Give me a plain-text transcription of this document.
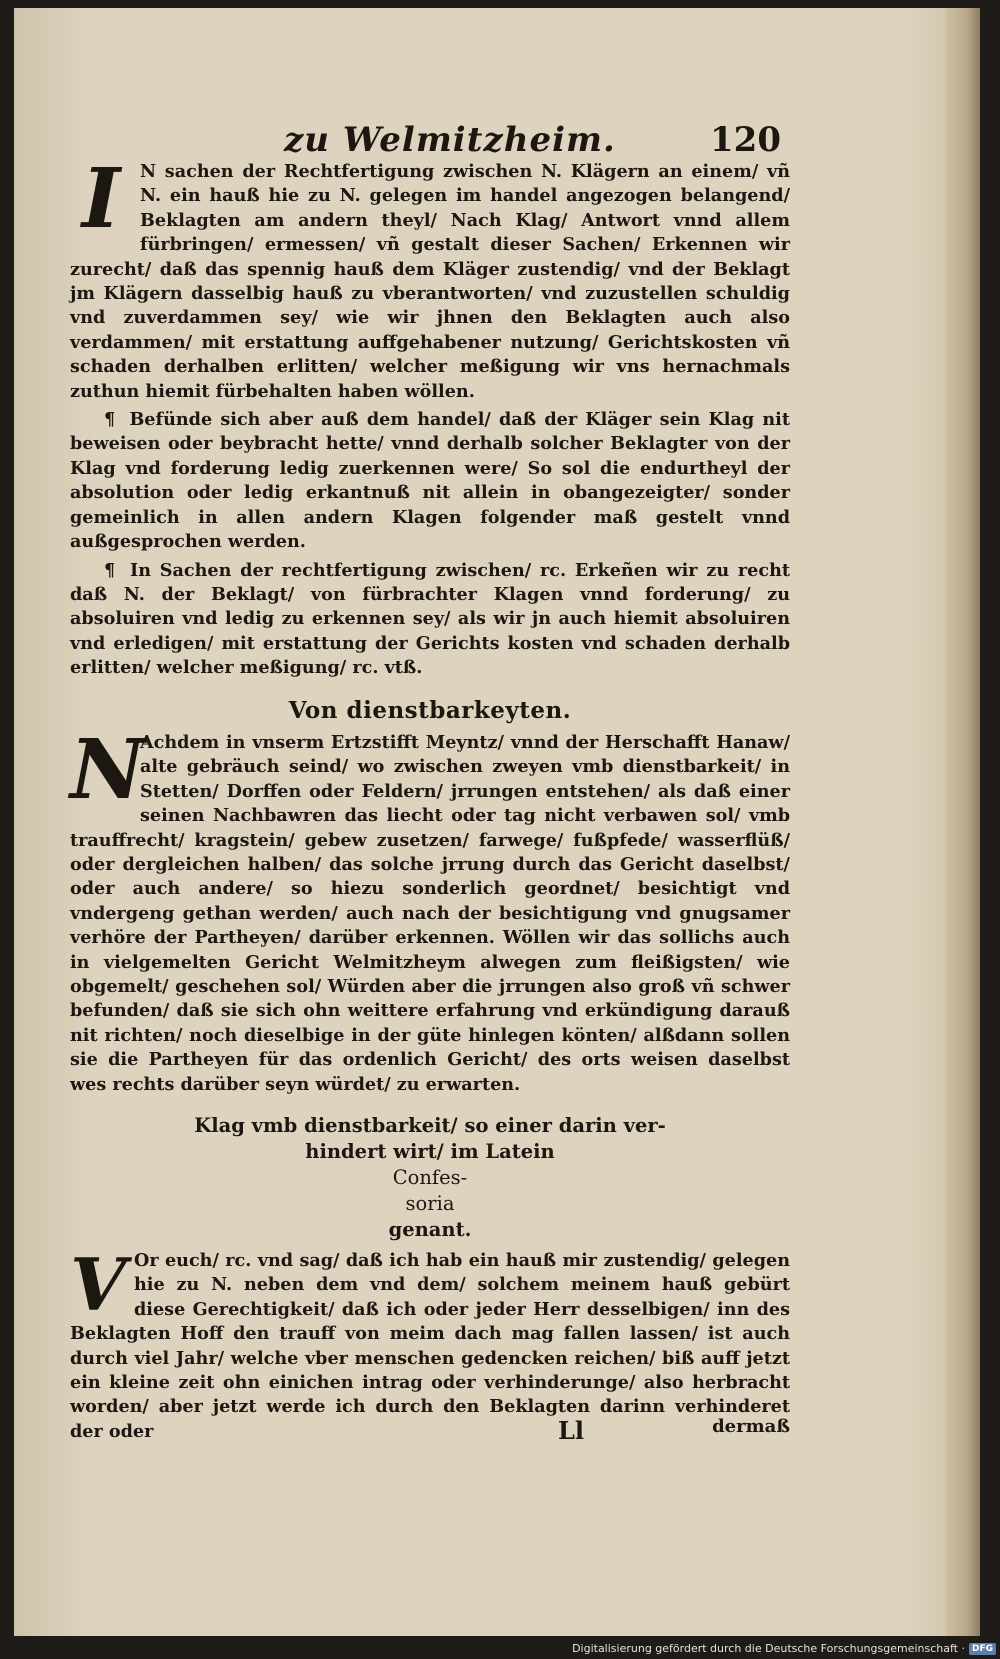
zu Welmitzheim.	120

I	N sachen der Rechtfertigung zwischen N. Klägern an einem/ vñ N. ein hauß hie zu N. gelegen im handel angezogen belangend/ Beklagten am andern theyl/ Nach Klag/ Antwort vnnd allem fürbringen/ ermessen/ vñ gestalt dieser Sachen/ Erkennen wir zurecht/ daß das spennig hauß dem Kläger zustendig/ vnd der Beklagt jm Klägern dasselbig hauß zu vberantworten/ vnd zuzustellen schuldig vnd zuverdammen sey/ wie wir jhnen den Beklagten auch also verdammen/ mit erstattung auffgehabener nutzung/ Gerichtskosten vñ schaden derhalben erlitten/ welcher meßigung wir vns hernachmals zuthun hiemit fürbehalten haben wöllen.

¶ Befünde sich aber auß dem handel/ daß der Kläger sein Klag nit beweisen oder beybracht hette/ vnnd derhalb solcher Beklagter von der Klag vnd forderung ledig zuerkennen were/ So sol die endurtheyl der absolution oder ledig erkantnuß nit allein in obangezeigter/ sonder gemeinlich in allen andern Klagen folgender maß gestelt vnnd außgesprochen werden.

¶ In Sachen der rechtfertigung zwischen/ rc. Erkeñen wir zu recht daß N. der Beklagt/ von fürbrachter Klagen vnnd forderung/ zu absoluiren vnd ledig zu erkennen sey/ als wir jn auch hiemit absoluiren vnd erledigen/ mit erstattung der Gerichts kosten vnd schaden derhalb erlitten/ welcher meßigung/ rc. vtß.

Von dienstbarkeyten.

N
Achdem in vnserm Ertzstifft Meyntz/ vnnd der Herschafft Hanaw/ alte gebräuch seind/ wo zwischen zweyen vmb dienstbarkeit/ in Stetten/ Dorffen oder Feldern/ jrrungen entstehen/ als daß einer seinen Nachbawren das liecht oder tag nicht verbawen sol/ vmb trauffrecht/ kragstein/ gebew zusetzen/ farwege/ fußpfede/ wasserflüß/ oder dergleichen halben/ das solche jrrung durch das Gericht daselbst/ oder auch andere/ so hiezu sonderlich geordnet/ besichtigt vnd vndergeng gethan werden/ auch nach der besichtigung vnd gnugsamer verhöre der Partheyen/ darüber erkennen. Wöllen wir das sollichs auch in vielgemelten Gericht Welmitzheym alwegen zum fleißigsten/ wie obgemelt/ geschehen sol/ Würden aber die jrrungen also groß vñ schwer befunden/ daß sie sich ohn weittere erfahrung vnd erkündigung darauß nit richten/ noch dieselbige in der güte hinlegen könten/ alßdann sollen sie die Partheyen für das ordenlich Gericht/ des orts weisen daselbst wes rechts darüber seyn würdet/ zu erwarten.

Klag vmb dienstbarkeit/ so einer darin ver-
hindert wirt/ im Latein
Confes-
soria
genant.

V Or euch/ rc. vnd sag/ daß ich hab ein hauß mir zustendig/ gelegen hie zu N. neben dem vnd dem/ solchem meinem hauß gebürt diese Gerechtigkeit/ daß ich oder jeder Herr desselbigen/ inn des Beklagten Hoff den trauff von meim dach mag fallen lassen/ ist auch durch viel Jahr/ welche vber menschen gedencken reichen/ biß auff jetzt ein kleine zeit ohn einichen intrag oder verhinderunge/ also herbracht worden/ aber jetzt werde ich durch den Beklagten darinn verhinderet der oder	Ll	dermaß
Digitalisierung gefördert durch die Deutsche Forschungsgemeinschaft · DFG
